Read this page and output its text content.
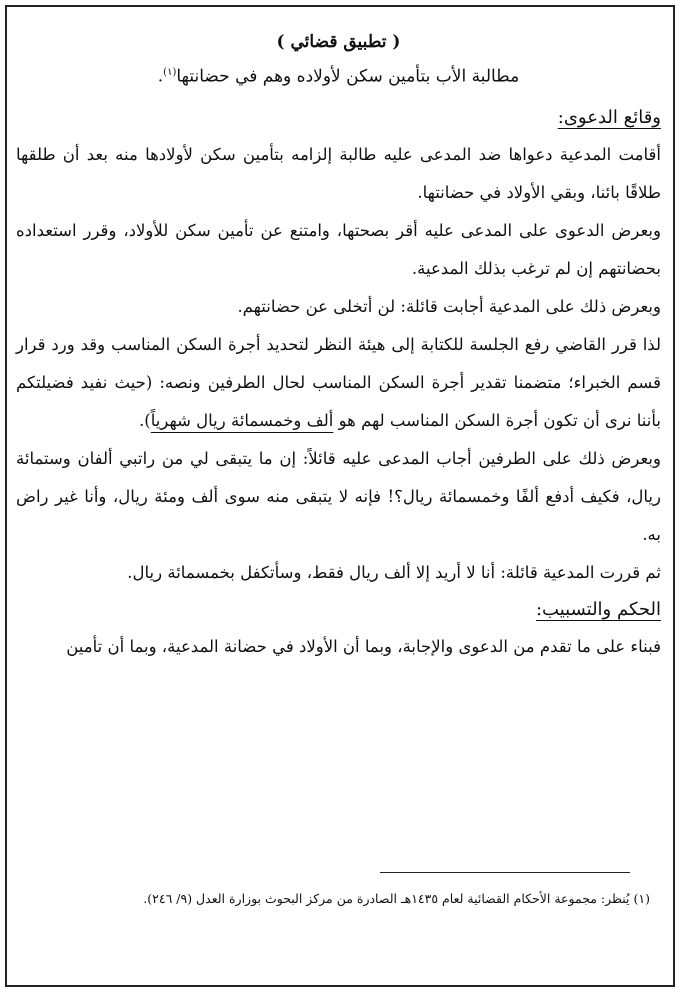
( تطبيق قضائي )
مطالبة الأب بتأمين سكن لأولاده وهم في حضانتها$^{(١)}$.
وقائع الدعوى:

أقامت المدعية دعواها ضد المدعى عليه طالبة إلزامه بتأمين سكن لأولادها منه بعد أن طلقها طلاقًا بائنا، وبقي الأولاد في حضانتها.

وبعرض الدعوى على المدعى عليه أقر بصحتها، وامتنع عن تأمين سكن للأولاد، وقرر استعداده بحضانتهم إن لم ترغب بذلك المدعية.

وبعرض ذلك على المدعية أجابت قائلة: لن أتخلى عن حضانتهم.

لذا قرر القاضي رفع الجلسة للكتابة إلى هيئة النظر لتحديد أجرة السكن المناسب وقد ورد قرار قسم الخبراء؛ متضمنا تقدير أجرة السكن المناسب لحال الطرفين ونصه: (حيث نفيد فضيلتكم بأننا نرى أن تكون أجرة السكن المناسب لهم هو ألف وخمسمائة ريال شهرياً).

وبعرض ذلك على الطرفين أجاب المدعى عليه قائلاً: إن ما يتبقى لي من راتبي ألفان وستمائة ريال، فكيف أدفع ألفًا وخمسمائة ريال؟! فإنه لا يتبقى منه سوى ألف ومئة ريال، وأنا غير راض به.

ثم قررت المدعية قائلة: أنا لا أريد إلا ألف ريال فقط، وسأتكفل بخمسمائة ريال.

الحكم والتسبيب:

فبناء على ما تقدم من الدعوى والإجابة، وبما أن الأولاد في حضانة المدعية، وبما أن تأمين

(١) يُنظر: مجموعة الأحكام القضائية لعام ١٤٣٥هـ الصادرة من مركز البحوث بوزارة العدل (٩/ ٢٤٦).
